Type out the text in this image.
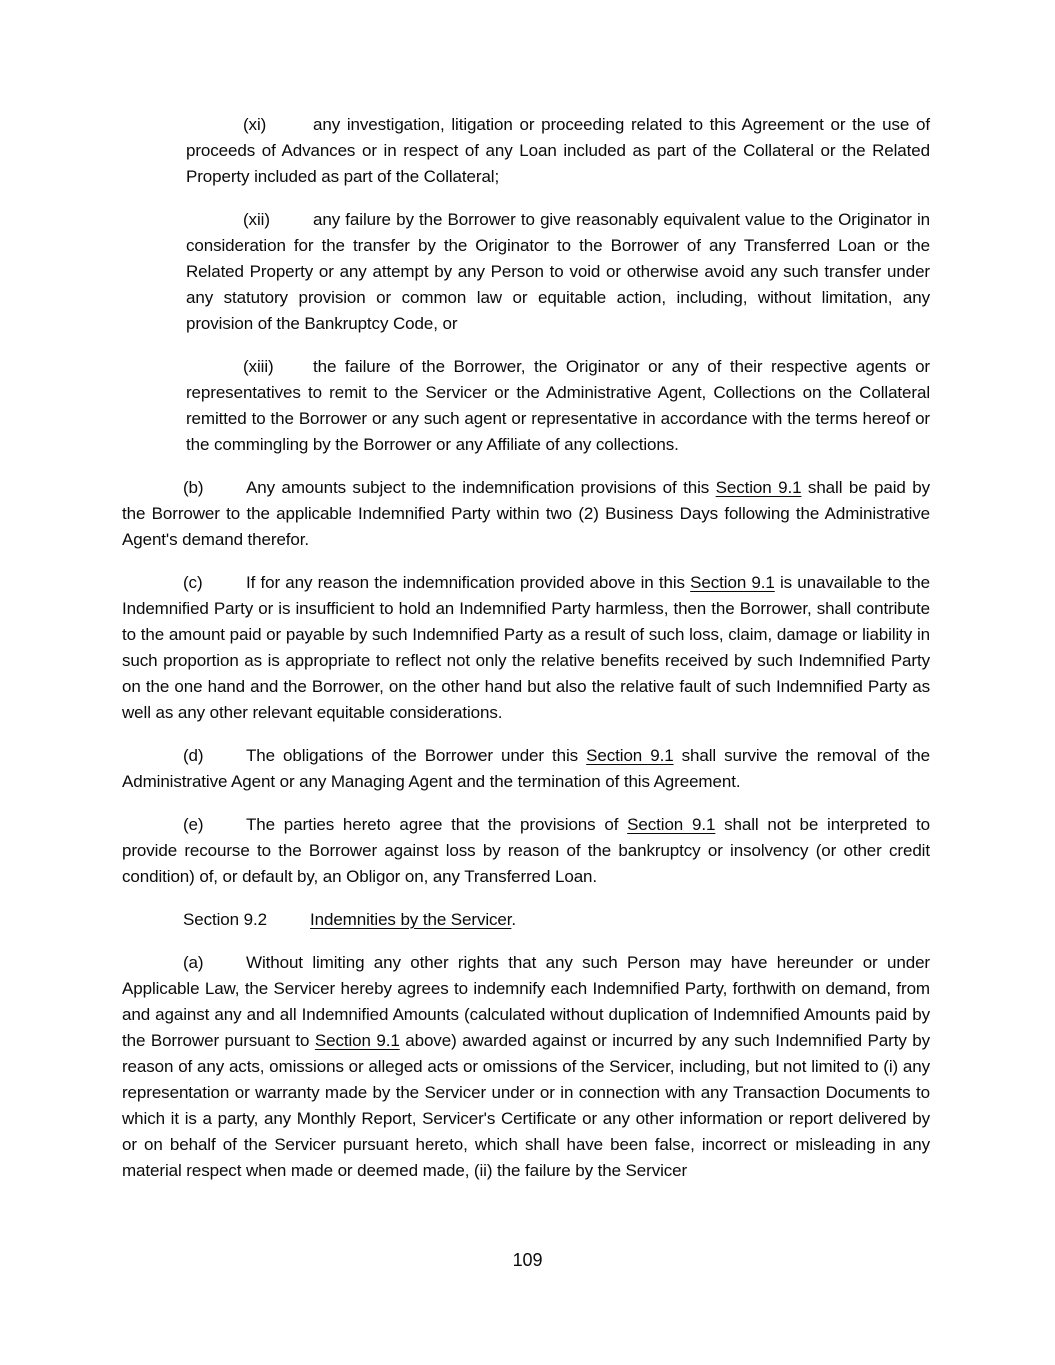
(xi)	any investigation, litigation or proceeding related to this Agreement or the use of proceeds of Advances or in respect of any Loan included as part of the Collateral or the Related Property included as part of the Collateral;

(xii)	any failure by the Borrower to give reasonably equivalent value to the Originator in consideration for the transfer by the Originator to the Borrower of any Transferred Loan or the Related Property or any attempt by any Person to void or otherwise avoid any such transfer under any statutory provision or common law or equitable action, including, without limitation, any provision of the Bankruptcy Code, or

(xiii) the failure of the Borrower, the Originator or any of their respective agents or representatives to remit to the Servicer or the Administrative Agent, Collections on the Collateral remitted to the Borrower or any such agent or representative in accordance with the terms hereof or the commingling by the Borrower or any Affiliate of any collections.

(b)	Any amounts subject to the indemnification provisions of this Section 9.1 shall be paid by the Borrower to the applicable Indemnified Party within two (2) Business Days following the Administrative Agent's demand therefor.

(c)	If for any reason the indemnification provided above in this Section 9.1 is unavailable to the Indemnified Party or is insufficient to hold an Indemnified Party harmless, then the Borrower, shall contribute to the amount paid or payable by such Indemnified Party as a result of such loss, claim, damage or liability in such proportion as is appropriate to reflect not only the relative benefits received by such Indemnified Party on the one hand and the Borrower, on the other hand but also the relative fault of such Indemnified Party as well as any other relevant equitable considerations.

(d)	The obligations of the Borrower under this Section 9.1 shall survive the removal of the Administrative Agent or any Managing Agent and the termination of this Agreement.

(e)	The parties hereto agree that the provisions of Section 9.1 shall not be interpreted to provide recourse to the Borrower against loss by reason of the bankruptcy or insolvency (or other credit condition) of, or default by, an Obligor on, any Transferred Loan.

Section 9.2	Indemnities by the Servicer.

(a)	Without limiting any other rights that any such Person may have hereunder or under Applicable Law, the Servicer hereby agrees to indemnify each Indemnified Party, forthwith on demand, from and against any and all Indemnified Amounts (calculated without duplication of Indemnified Amounts paid by the Borrower pursuant to Section 9.1 above) awarded against or incurred by any such Indemnified Party by reason of any acts, omissions or alleged acts or omissions of the Servicer, including, but not limited to (i) any representation or warranty made by the Servicer under or in connection with any Transaction Documents to which it is a party, any Monthly Report, Servicer's Certificate or any other information or report delivered by or on behalf of the Servicer pursuant hereto, which shall have been false, incorrect or misleading in any material respect when made or deemed made, (ii) the failure by the Servicer

109
